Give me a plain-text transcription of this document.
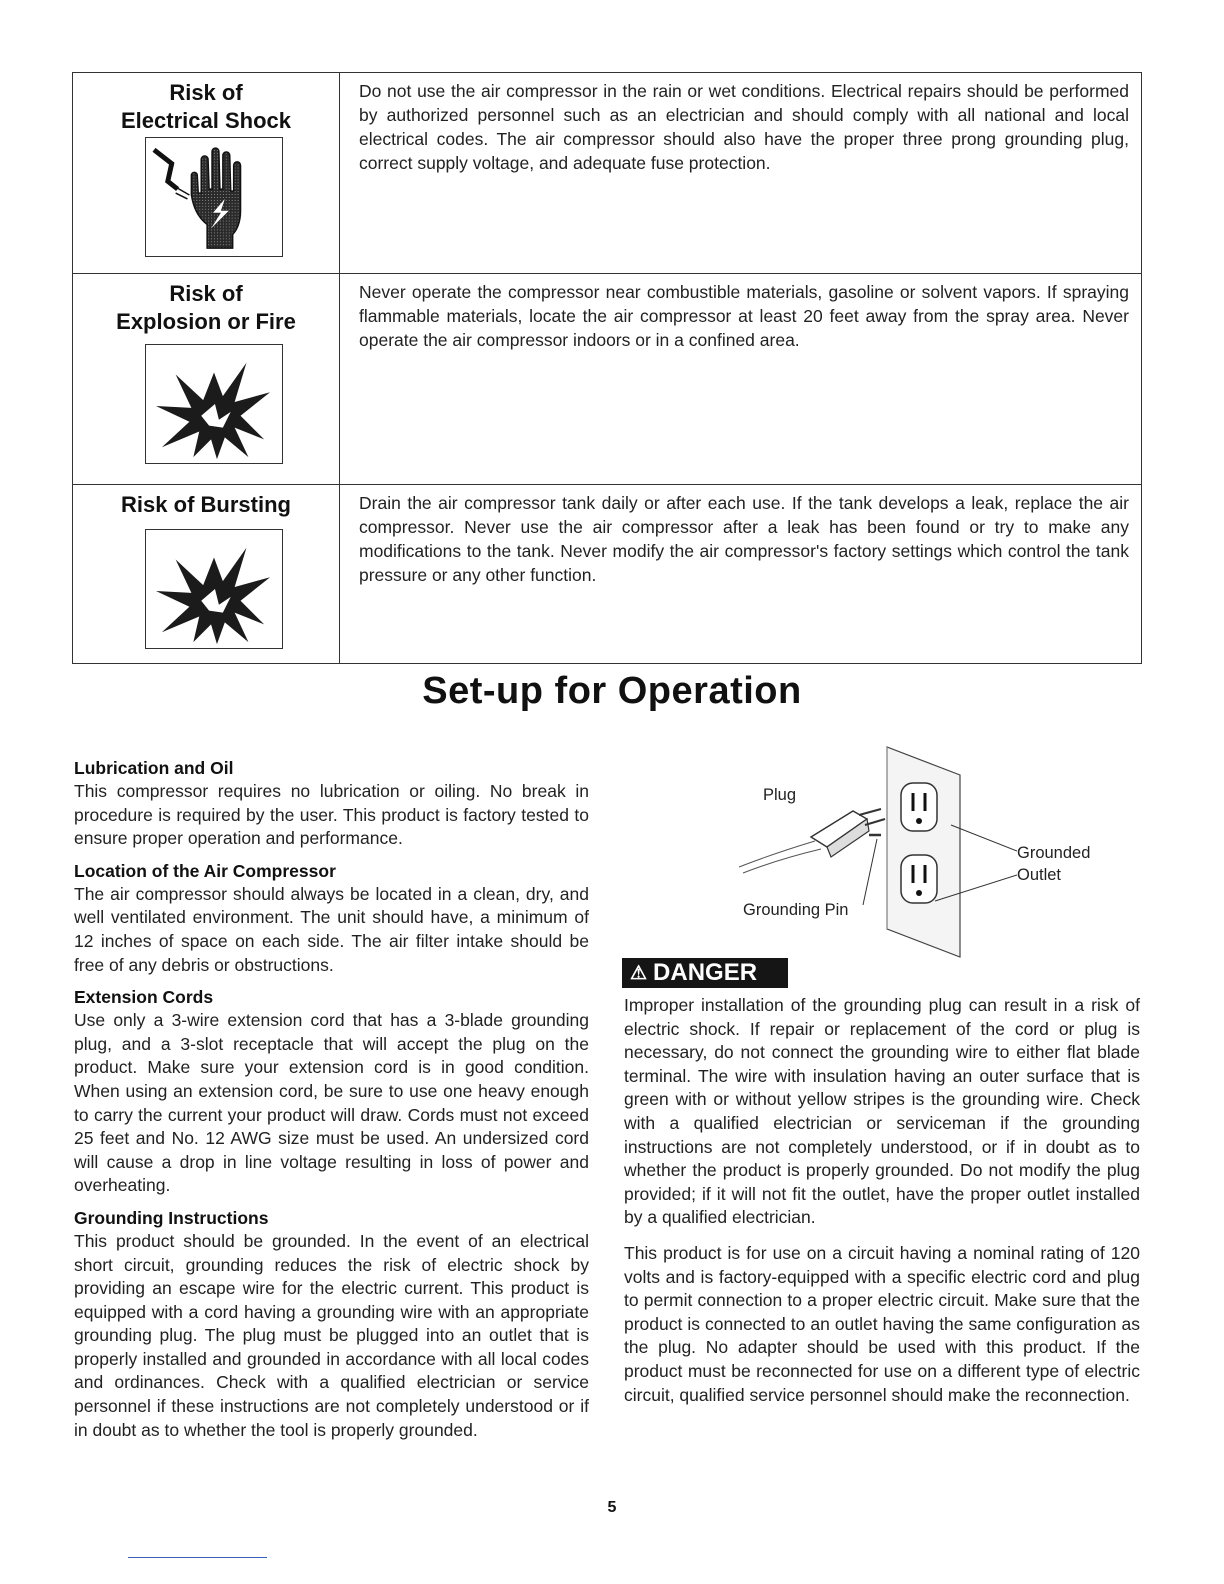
Risk of
Electrical Shock
Do not use the air compressor in the rain or wet conditions. Electrical repairs should be performed by authorized personnel such as an electrician and should comply with all national and local electrical codes. The air compressor should also have the proper three prong grounding plug, correct supply voltage, and adequate fuse protection.
Risk of
Explosion or Fire
Never operate the compressor near combustible materials, gasoline or solvent vapors. If spraying flammable materials, locate the air compressor at least 20 feet away from the spray area. Never operate the air compressor indoors or in a confined area.
Risk of Bursting	Drain the air compressor tank daily or after each use. If the tank develops a leak, replace the air compressor. Never use the air compressor after a leak has been found or try to make any modifications to the tank. Never modify the air compressor's factory settings which control the tank pressure or any other function.
Set-up for Operation
Lubrication and Oil

This compressor requires no lubrication or oiling. No break in procedure is required by the user. This product is factory tested to ensure proper operation and performance.

Location of the Air Compressor

The air compressor should always be located in a clean, dry, and well ventilated environment. The unit should have, a minimum of 12 inches of space on each side. The air filter intake should be free of any debris or obstructions.

Extension Cords

Use only a 3-wire extension cord that has a 3-blade grounding plug, and a 3-slot receptacle that will accept the plug on the product. Make sure your extension cord is in good condition. When using an extension cord, be sure to use one heavy enough to carry the current your product will draw. Cords must not exceed 25 feet and No. 12 AWG size must be used. An undersized cord will cause a drop in line voltage resulting in loss of power and overheating.

Grounding Instructions

This product should be grounded. In the event of an electrical short circuit, grounding reduces the risk of electric shock by providing an escape wire for the electric current. This product is equipped with a cord having a grounding wire with an appropriate grounding plug. The plug must be plugged into an outlet that is properly installed and grounded in accordance with all local codes and ordinances. Check with a qualified electrician or service personnel if these instructions are not completely understood or if in doubt as to whether the tool is properly grounded.

Plug
Grounding Pin
Grounded
Outlet
⚠ DANGER

Improper installation of the grounding plug can result in a risk of electric shock. If repair or replacement of the cord or plug is necessary, do not connect the grounding wire to either flat blade terminal. The wire with insulation having an outer surface that is green with or without yellow stripes is the grounding wire. Check with a qualified electrician or serviceman if the grounding instructions are not completely understood, or if in doubt as to whether the product is properly grounded. Do not modify the plug provided; if it will not fit the outlet, have the proper outlet installed by a qualified electrician.

This product is for use on a circuit having a nominal rating of 120 volts and is factory-equipped with a specific electric cord and plug to permit connection to a proper electric circuit. Make sure that the product is connected to an outlet having the same configuration as the plug. No adapter should be used with this product. If the product must be reconnected for use on a different type of electric circuit, qualified service personnel should make the reconnection.

5
